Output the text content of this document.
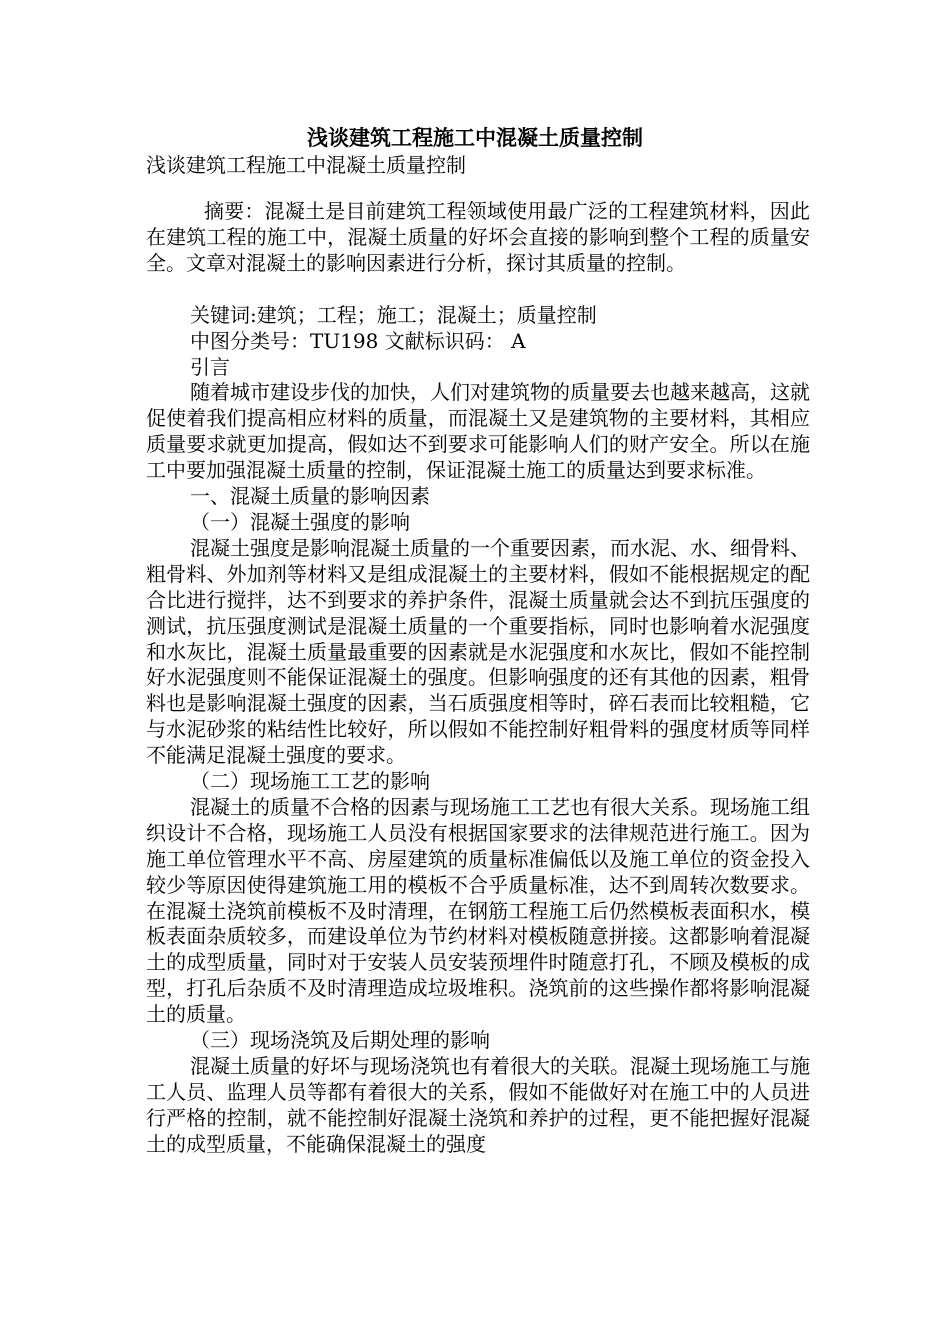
浅谈建筑工程施工中混凝土质量控制
浅谈建筑工程施工中混凝土质量控制

摘要：混凝土是目前建筑工程领域使用最广泛的工程建筑材料，因此在建筑工程的施工中，混凝土质量的好坏会直接的影响到整个工程的质量安全。文章对混凝土的影响因素进行分析，探讨其质量的控制。

关键词:建筑；工程；施工；混凝土；质量控制

中图分类号：TU198 文献标识码： A

引言

随着城市建设步伐的加快，人们对建筑物的质量要去也越来越高，这就促使着我们提高相应材料的质量，而混凝土又是建筑物的主要材料，其相应质量要求就更加提高，假如达不到要求可能影响人们的财产安全。所以在施工中要加强混凝土质量的控制，保证混凝土施工的质量达到要求标准。

一、混凝土质量的影响因素

（一）混凝土强度的影响

混凝土强度是影响混凝土质量的一个重要因素，而水泥、水、细骨料、粗骨料、外加剂等材料又是组成混凝土的主要材料，假如不能根据规定的配合比进行搅拌，达不到要求的养护条件，混凝土质量就会达不到抗压强度的测试，抗压强度测试是混凝土质量的一个重要指标，同时也影响着水泥强度和水灰比，混凝土质量最重要的因素就是水泥强度和水灰比，假如不能控制好水泥强度则不能保证混凝土的强度。但影响强度的还有其他的因素，粗骨料也是影响混凝土强度的因素，当石质强度相等时，碎石表而比较粗糙，它与水泥砂浆的粘结性比较好，所以假如不能控制好粗骨料的强度材质等同样不能满足混凝土强度的要求。

（二）现场施工工艺的影响

混凝土的质量不合格的因素与现场施工工艺也有很大关系。现场施工组织设计不合格，现场施工人员没有根据国家要求的法律规范进行施工。因为施工单位管理水平不高、房屋建筑的质量标准偏低以及施工单位的资金投入较少等原因使得建筑施工用的模板不合乎质量标准，达不到周转次数要求。在混凝土浇筑前模板不及时清理，在钢筋工程施工后仍然模板表面积水，模板表面杂质较多，而建设单位为节约材料对模板随意拼接。这都影响着混凝土的成型质量，同时对于安装人员安装预埋件时随意打孔，不顾及模板的成型，打孔后杂质不及时清理造成垃圾堆积。浇筑前的这些操作都将影响混凝土的质量。

（三）现场浇筑及后期处理的影响

混凝土质量的好坏与现场浇筑也有着很大的关联。混凝土现场施工与施工人员、监理人员等都有着很大的关系，假如不能做好对在施工中的人员进行严格的控制，就不能控制好混凝土浇筑和养护的过程，更不能把握好混凝土的成型质量，不能确保混凝土的强度
